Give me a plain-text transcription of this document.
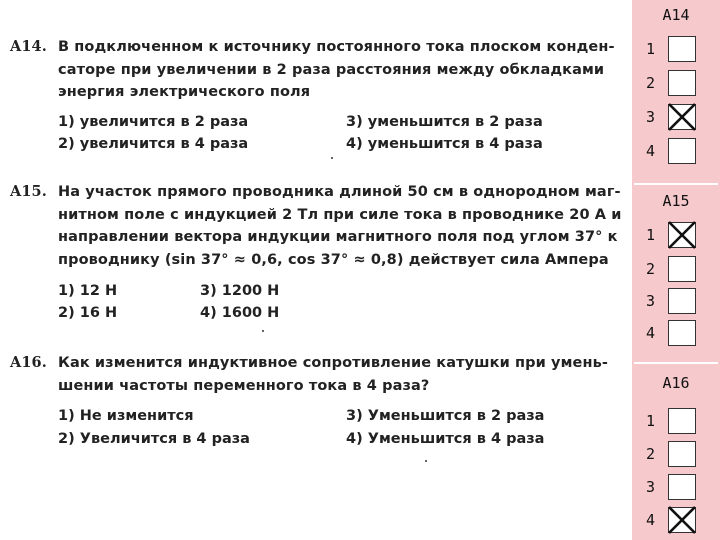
A14. В подключенном к источнику постоянного тока плоском конден-
саторе при увеличении в 2 раза расстояния между обкладками
энергия электрического поля
1) увеличится в 2 раза
2) увеличится в 4 раза
3) уменьшится в 2 раза
4) уменьшится в 4 раза
A15. На участок прямого проводника длиной 50 см в однородном маг-
нитном поле с индукцией 2 Тл при силе тока в проводнике 20 А и
направлении вектора индукции магнитного поля под углом 37° к
проводнику (sin 37° ≈ 0,6, cos 37° ≈ 0,8) действует сила Ампера
1) 12 Н
2) 16 Н
3) 1200 Н
4) 1600 Н
A16. Как изменится индуктивное сопротивление катушки при умень-
шении частоты переменного тока в 4 раза?
1) Не изменится
2) Увеличится в 4 раза
3) Уменьшится в 2 раза
4) Уменьшится в 4 раза
A14
1
2
3
4
A15
1
2
3
4
A16
1
2
3
4
